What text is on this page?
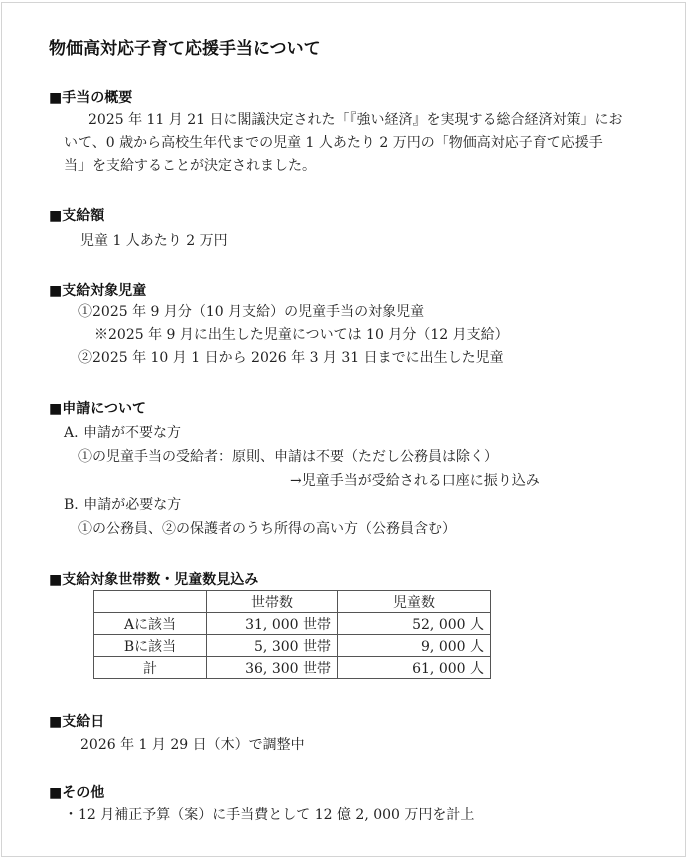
物価高対応子育て応援手当について
■手当の概要
2025 年 11 月 21 日に閣議決定された「『強い経済』を実現する総合経済対策」にお
いて、0 歳から高校生年代までの児童 1 人あたり 2 万円の「物価高対応子育て応援手
当」を支給することが決定されました。
■支給額
児童 1 人あたり 2 万円
■支給対象児童
①2025 年 9 月分（10 月支給）の児童手当の対象児童
※2025 年 9 月に出生した児童については 10 月分（12 月支給）
②2025 年 10 月 1 日から 2026 年 3 月 31 日までに出生した児童
■申請について
A. 申請が不要な方
①の児童手当の受給者：原則、申請は不要（ただし公務員は除く）
→児童手当が受給される口座に振り込み
B. 申請が必要な方
①の公務員、②の保護者のうち所得の高い方（公務員含む）
■支給対象世帯数・児童数見込み
	世帯数	児童数
Aに該当	31, 000 世帯	52, 000 人
Bに該当	5, 300 世帯	9, 000 人
計	36, 300 世帯	61, 000 人
■支給日
2026 年 1 月 29 日（木）で調整中
■その他
・12 月補正予算（案）に手当費として 12 億 2, 000 万円を計上
